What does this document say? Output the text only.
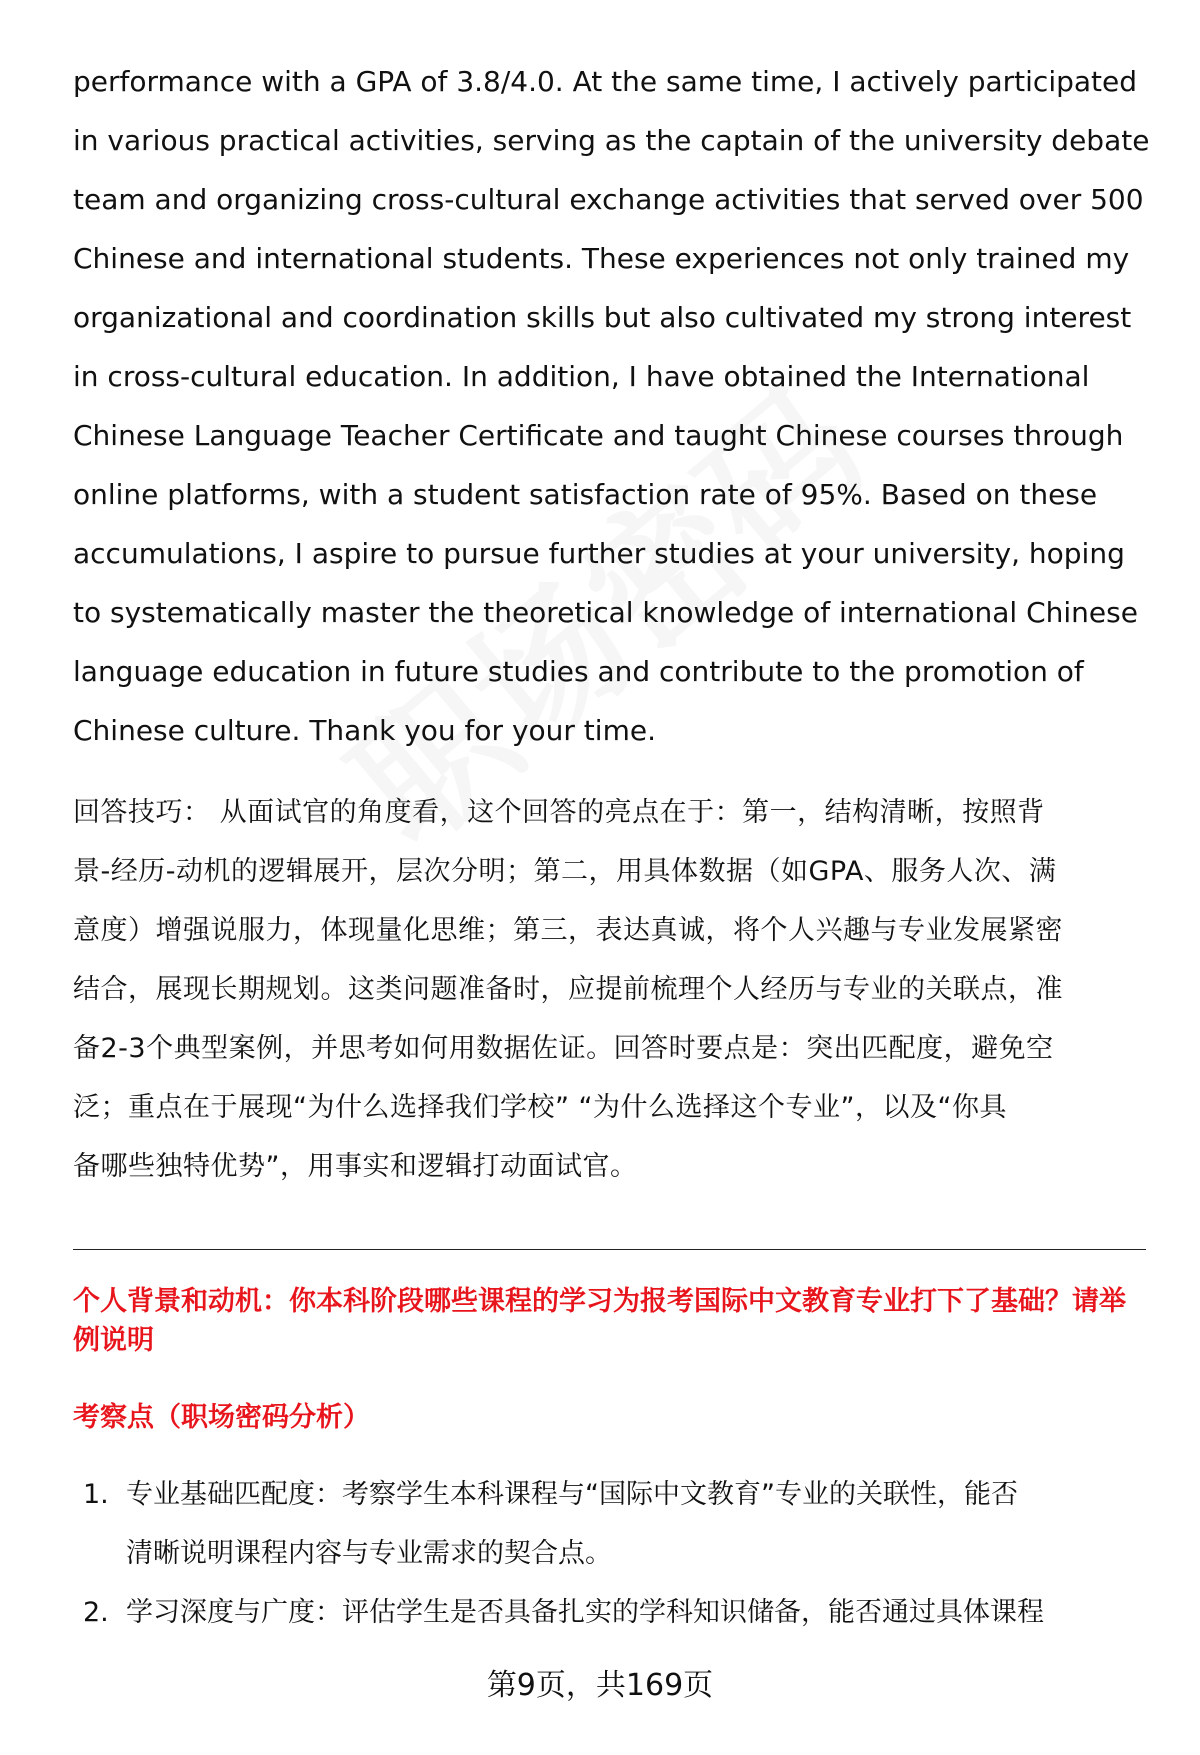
performance with a GPA of 3.8/4.0. At the same time, I actively participated
in various practical activities, serving as the captain of the university debate
team and organizing cross-cultural exchange activities that served over 500
Chinese and international students. These experiences not only trained my
organizational and coordination skills but also cultivated my strong interest
in cross-cultural education. In addition, I have obtained the International
Chinese Language Teacher Certificate and taught Chinese courses through
online platforms, with a student satisfaction rate of 95%. Based on these
accumulations, I aspire to pursue further studies at your university, hoping
to systematically master the theoretical knowledge of international Chinese
language education in future studies and contribute to the promotion of
Chinese culture. Thank you for your time.
回答技巧： 从面试官的角度看，这个回答的亮点在于：第一，结构清晰，按照背
景-经历-动机的逻辑展开，层次分明；第二，用具体数据（如GPA、服务人次、满
意度）增强说服力，体现量化思维；第三，表达真诚，将个人兴趣与专业发展紧密
结合，展现长期规划。这类问题准备时，应提前梳理个人经历与专业的关联点，准
备2-3个典型案例，并思考如何用数据佐证。回答时要点是：突出匹配度，避免空
泛；重点在于展现“为什么选择我们学校” “为什么选择这个专业”，以及“你具
备哪些独特优势”，用事实和逻辑打动面试官。
个人背景和动机：你本科阶段哪些课程的学习为报考国际中文教育专业打下了基础？请举例说明
考察点（职场密码分析）
1. 专业基础匹配度：考察学生本科课程与“国际中文教育”专业的关联性，能否
清晰说明课程内容与专业需求的契合点。
2. 学习深度与广度：评估学生是否具备扎实的学科知识储备，能否通过具体课程
第9页，共169页
